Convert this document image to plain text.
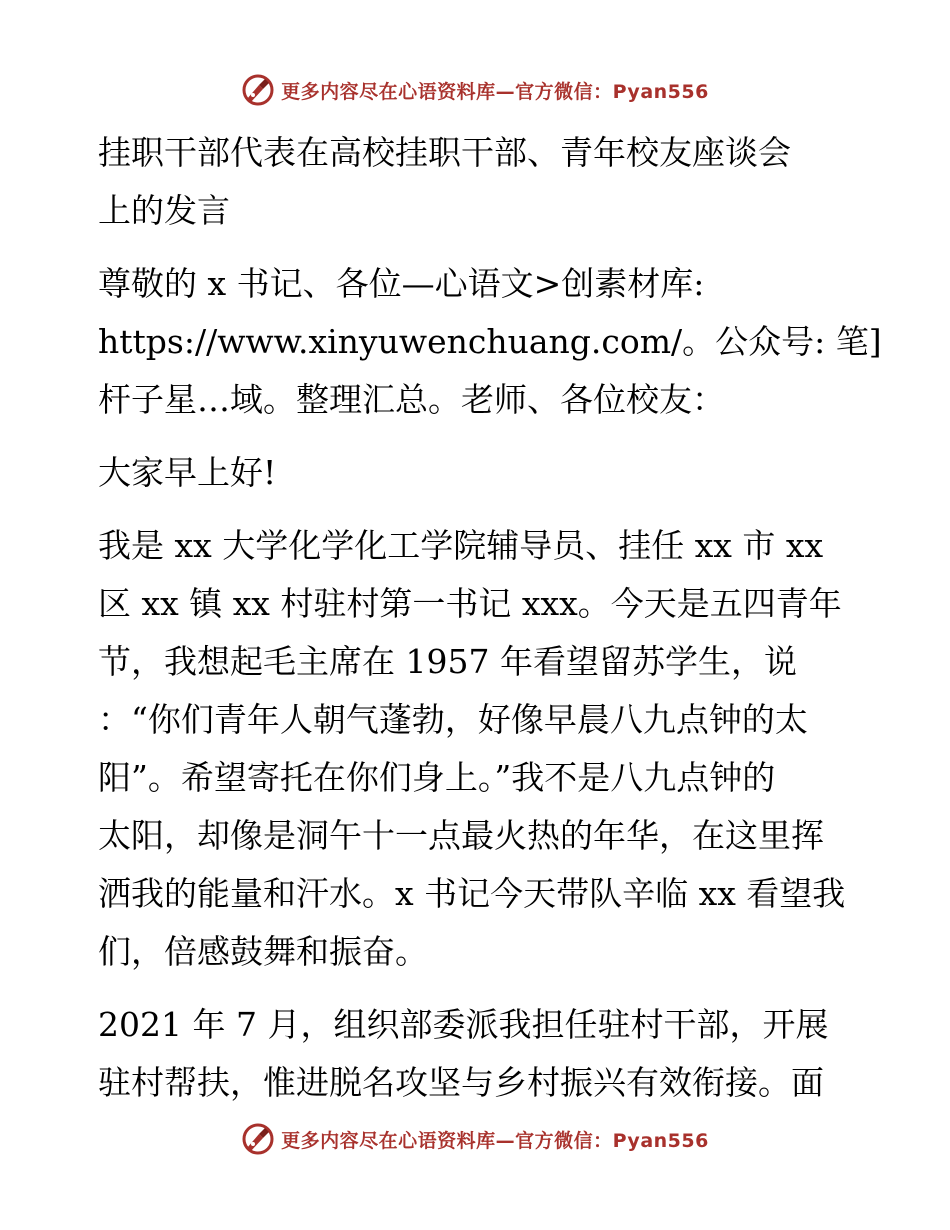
更多内容尽在心语资料库—官方微信：Pyan556

挂职干部代表在高校挂职干部、青年校友座谈会
上的发言

尊敬的 x 书记、各位—心语文>创素材库:
https://www.xinyuwenchuang.com/。公众号: 笔]
杆子星…域。整理汇总。老师、各位校友：

大家早上好!

我是 xx 大学化学化工学院辅导员、挂任 xx 市 xx
区 xx 镇 xx 村驻村第一书记 xxx。今天是五四青年
节，我想起毛主席在 1957 年看望留苏学生，说
：“你们青年人朝气蓬勃，好像早晨八九点钟的太
阳”。希望寄托在你们身上。”我不是八九点钟的
太阳，却像是洞午十一点最火热的年华，在这里挥
洒我的能量和汗水。x 书记今天带队辛临 xx 看望我
们，倍感鼓舞和振奋。

2021 年 7 月，组织部委派我担任驻村干部，开展
驻村帮扶，惟进脱名攻坚与乡村振兴有效衔接。面

更多内容尽在心语资料库—官方微信：Pyan556
